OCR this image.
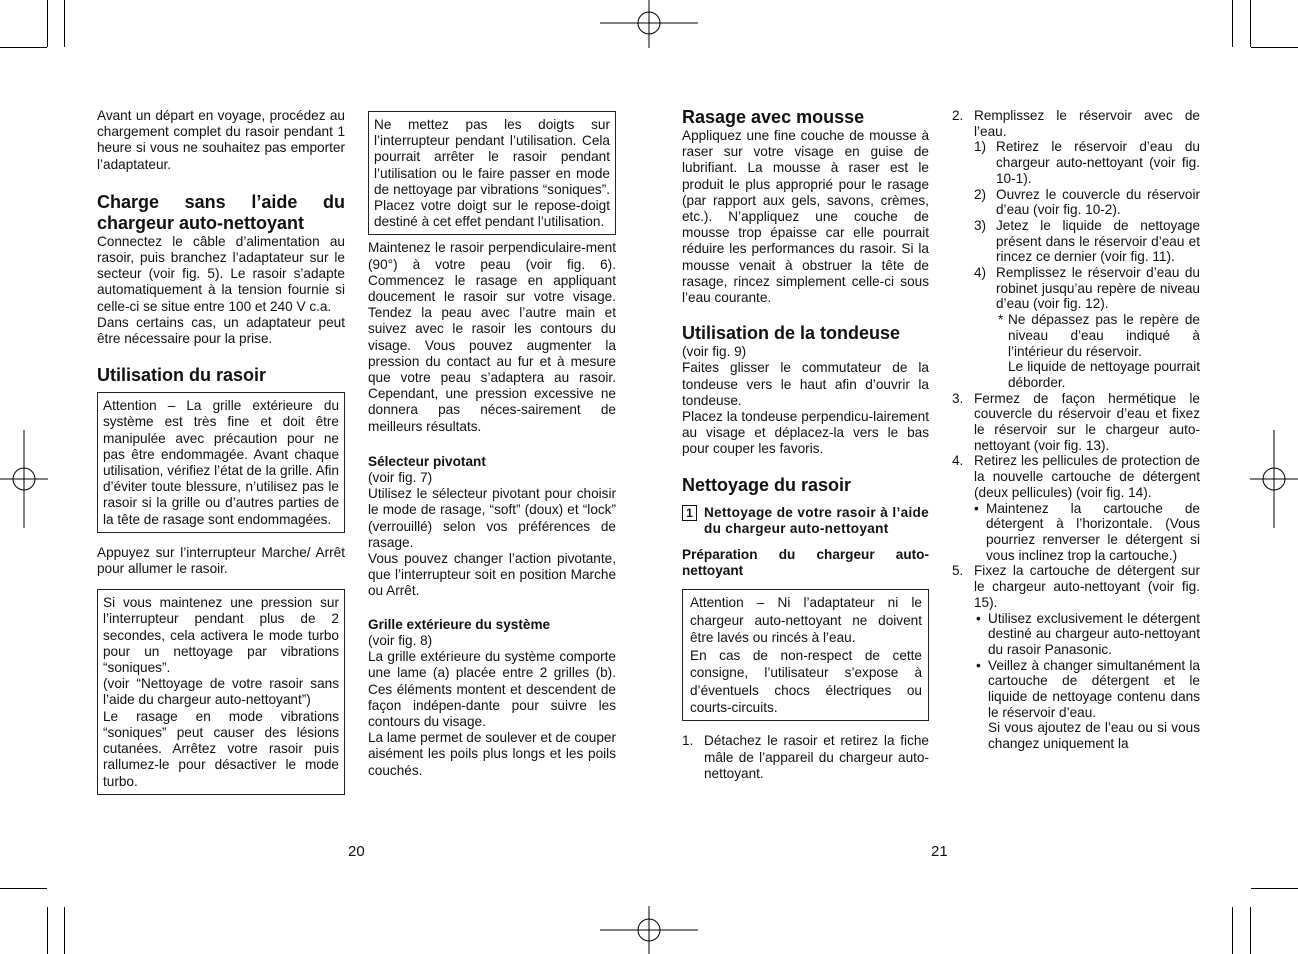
Avant un départ en voyage, procédez au chargement complet du rasoir pendant 1 heure si vous ne souhaitez pas emporter l’adaptateur.

Charge sans l’aide du chargeur auto-nettoyant

Connectez le câble d’alimentation au rasoir, puis branchez l’adaptateur sur le secteur (voir fig. 5). Le rasoir s’adapte automatiquement à la tension fournie si celle-ci se situe entre 100 et 240 V c.a.

Dans certains cas, un adaptateur peut être nécessaire pour la prise.

Utilisation du rasoir

Attention – La grille extérieure du système est très fine et doit être manipulée avec précaution pour ne pas être endommagée. Avant chaque utilisation, vérifiez l’état de la grille. Afin d’éviter toute blessure, n’utilisez pas le rasoir si la grille ou d’autres parties de la tête de rasage sont endommagées.

Appuyez sur l’interrupteur Marche/ Arrêt pour allumer le rasoir.

Si vous maintenez une pression sur l’interrupteur pendant plus de 2 secondes, cela activera le mode turbo pour un nettoyage par vibrations “soniques”.

(voir “Nettoyage de votre rasoir sans l’aide du chargeur auto-nettoyant”)

Le rasage en mode vibrations “soniques” peut causer des lésions cutanées. Arrêtez votre rasoir puis rallumez-le pour désactiver le mode turbo.

Ne mettez pas les doigts sur l’interrupteur pendant l’utilisation. Cela pourrait arrêter le rasoir pendant l’utilisation ou le faire passer en mode de nettoyage par vibrations “soniques”. Placez votre doigt sur le repose-doigt destiné à cet effet pendant l’utilisation.

Maintenez le rasoir perpendiculaire-ment (90°) à votre peau (voir fig. 6). Commencez le rasage en appliquant doucement le rasoir sur votre visage. Tendez la peau avec l’autre main et suivez avec le rasoir les contours du visage. Vous pouvez augmenter la pression du contact au fur et à mesure que votre peau s’adaptera au rasoir. Cependant, une pression excessive ne donnera pas néces-sairement de meilleurs résultats.

Sélecteur pivotant

(voir fig. 7)

Utilisez le sélecteur pivotant pour choisir le mode de rasage, “soft” (doux) et “lock” (verrouillé) selon vos préférences de rasage.

Vous pouvez changer l’action pivotante, que l’interrupteur soit en position Marche ou Arrêt.

Grille extérieure du système

(voir fig. 8)

La grille extérieure du système comporte une lame (a) placée entre 2 grilles (b). Ces éléments montent et descendent de façon indépen-dante pour suivre les contours du visage.

La lame permet de soulever et de couper aisément les poils plus longs et les poils couchés.

20
Rasage avec mousse

Appliquez une fine couche de mousse à raser sur votre visage en guise de lubrifiant. La mousse à raser est le produit le plus approprié pour le rasage (par rapport aux gels, savons, crèmes, etc.). N’appliquez une couche de mousse trop épaisse car elle pourrait réduire les performances du rasoir. Si la mousse venait à obstruer la tête de rasage, rincez simplement celle-ci sous l’eau courante.

Utilisation de la tondeuse

(voir fig. 9)

Faites glisser le commutateur de la tondeuse vers le haut afin d’ouvrir la tondeuse.

Placez la tondeuse perpendicu-lairement au visage et déplacez-la vers le bas pour couper les favoris.

Nettoyage du rasoir
1 Nettoyage de votre rasoir à l’aide du chargeur auto-nettoyant
Préparation du chargeur auto-nettoyant

Attention – Ni l’adaptateur ni le chargeur auto-nettoyant ne doivent être lavés ou rincés à l’eau.

En cas de non-respect de cette consigne, l’utilisateur s’expose à d’éventuels chocs électriques ou courts-circuits.

1. Détachez le rasoir et retirez la fiche mâle de l’appareil du chargeur auto-nettoyant.
2. Remplissez le réservoir avec de l’eau.
1) Retirez le réservoir d’eau du chargeur auto-nettoyant (voir fig. 10-1).
2) Ouvrez le couvercle du réservoir d’eau (voir fig. 10-2).
3) Jetez le liquide de nettoyage présent dans le réservoir d’eau et rincez ce dernier (voir fig. 11).
4) Remplissez le réservoir d’eau du robinet jusqu’au repère de niveau d’eau (voir fig. 12).
* Ne dépassez pas le repère de niveau d’eau indiqué à l’intérieur du réservoir.
Le liquide de nettoyage pourrait déborder.
3. Fermez de façon hermétique le couvercle du réservoir d’eau et fixez le réservoir sur le chargeur auto-nettoyant (voir fig. 13).
4. Retirez les pellicules de protection de la nouvelle cartouche de détergent (deux pellicules) (voir fig. 14).
• Maintenez la cartouche de détergent à l’horizontale. (Vous pourriez renverser le détergent si vous inclinez trop la cartouche.)
5. Fixez la cartouche de détergent sur le chargeur auto-nettoyant (voir fig. 15).
• Utilisez exclusivement le détergent destiné au chargeur auto-nettoyant du rasoir Panasonic.
• Veillez à changer simultanément la cartouche de détergent et le liquide de nettoyage contenu dans le réservoir d’eau.
Si vous ajoutez de l’eau ou si vous changez uniquement la
21
